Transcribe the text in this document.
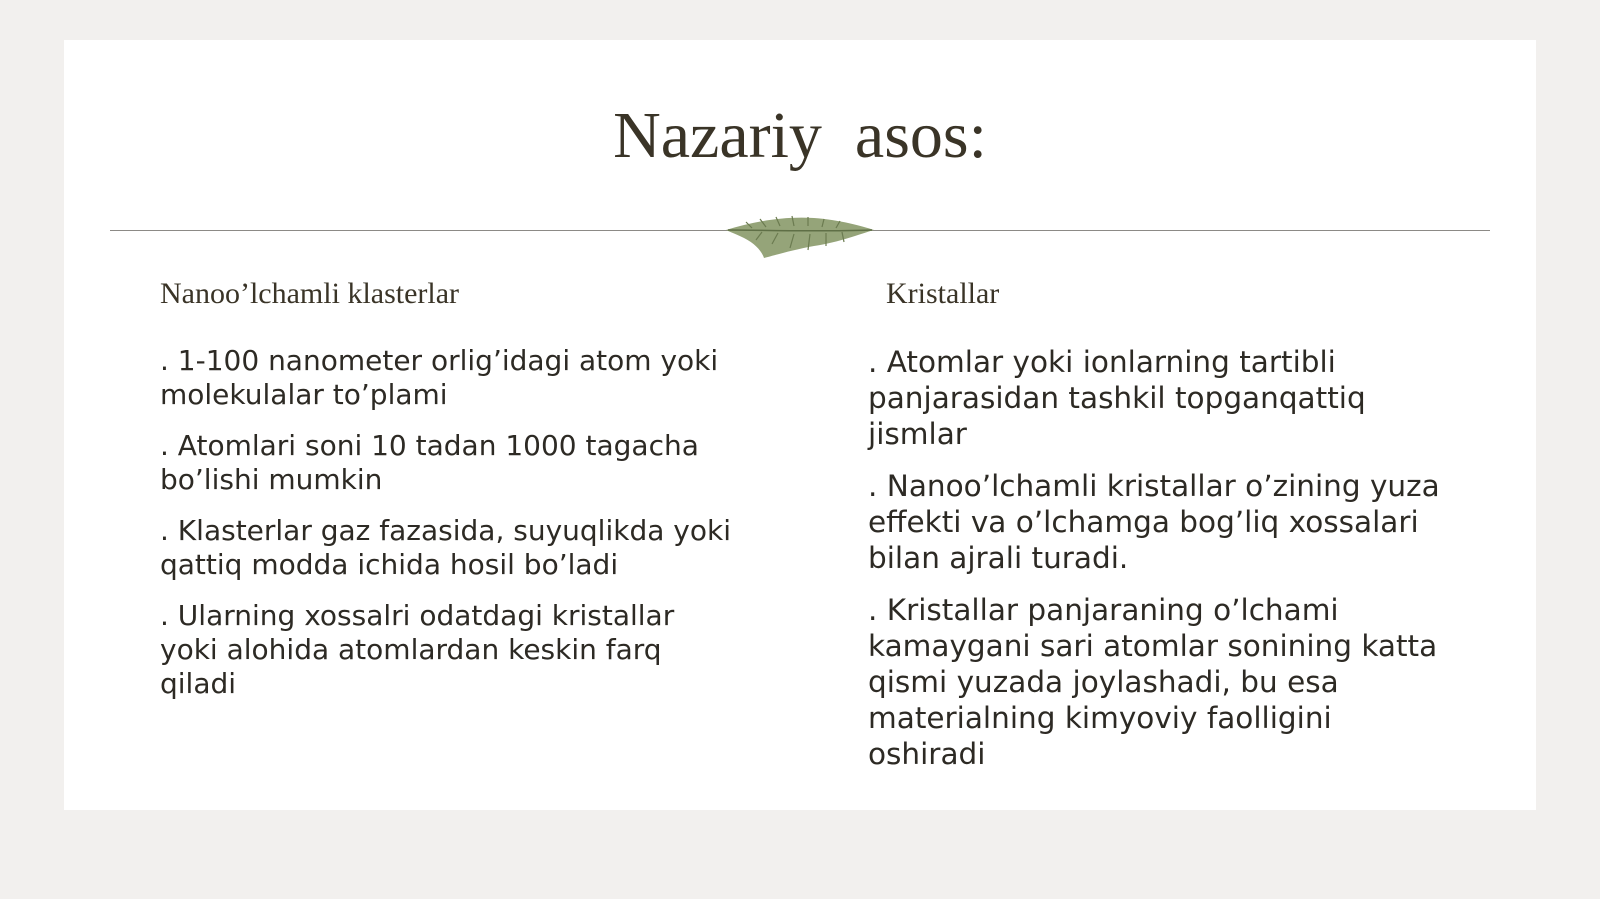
Nazariy  asos:
Nanoo’lchamli klasterlar	Kristallar
. 1-100 nanometer orlig’idagi atom yoki molekulalar to’plami
. Atomlari soni 10 tadan 1000 tagacha bo’lishi mumkin
. Klasterlar gaz fazasida, suyuqlikda yoki qattiq modda ichida hosil bo’ladi
. Ularning xossalri odatdagi kristallar yoki alohida atomlardan keskin farq qiladi
. Atomlar yoki ionlarning tartibli panjarasidan tashkil topganqattiq jismlar
. Nanoo’lchamli kristallar o’zining yuza effekti va o’lchamga bog’liq xossalari bilan ajrali turadi.
. Kristallar panjaraning o’lchami kamaygani sari atomlar sonining katta qismi yuzada joylashadi, bu esa materialning kimyoviy faolligini oshiradi
